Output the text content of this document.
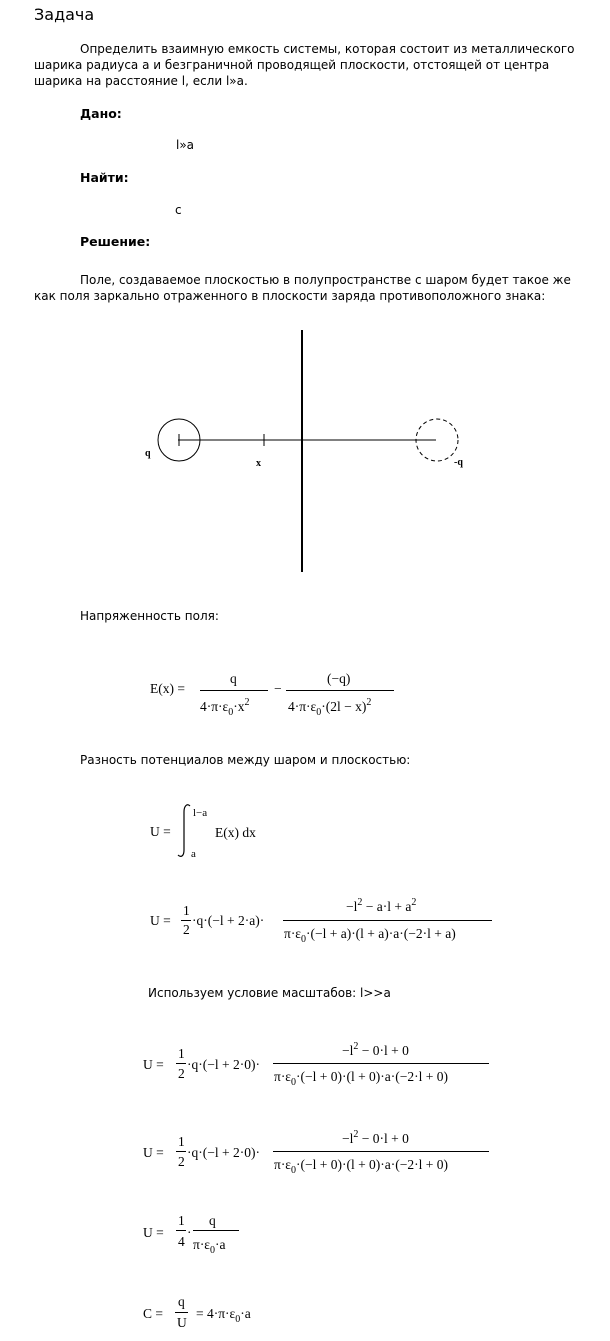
Задача
Определить взаимную емкость системы, которая состоит из металлического
шарика радиуса а и безграничной проводящей плоскости, отстоящей от центра
шарика на расстояние l, если l»a.
Дано:
l»a
Найти:
c
Решение:
Поле, создаваемое плоскостью в полупространстве с шаром будет такое же
как поля заркально отраженного в плоскости заряда противоположного знака:
q
x	-q
Напряженность поля:
E(x) =
q
$4\cdot\pi\cdot\varepsilon_0\cdot x^2$
−
(−q)
$4\cdot\pi\cdot\varepsilon_0\cdot(2l - x)^2$
Разность потенциалов между шаром и плоскостью:
U =
l−a
a
E(x) dx
U =
1
2
·q·(−l + 2·a)·
$-l^2 - a\cdot l + a^2$
$\pi\cdot\varepsilon_0\cdot(-l + a)\cdot(l + a)\cdot a\cdot(-2\cdot l + a)$
Используем условие масштабов: l>>a
U =
1
2
·q·(−l + 2·0)·
$-l^2 - 0\cdot l + 0$
$\pi\cdot\varepsilon_0\cdot(-l + 0)\cdot(l + 0)\cdot a\cdot(-2\cdot l + 0)$
U =
1
2
·q·(−l + 2·0)·
$-l^2 - 0\cdot l + 0$
$\pi\cdot\varepsilon_0\cdot(-l + 0)\cdot(l + 0)\cdot a\cdot(-2\cdot l + 0)$
U =
1
4
·
q
$\pi\cdot\varepsilon_0\cdot a$
C =
q
U
= $4\cdot\pi\cdot\varepsilon_0\cdot a$
